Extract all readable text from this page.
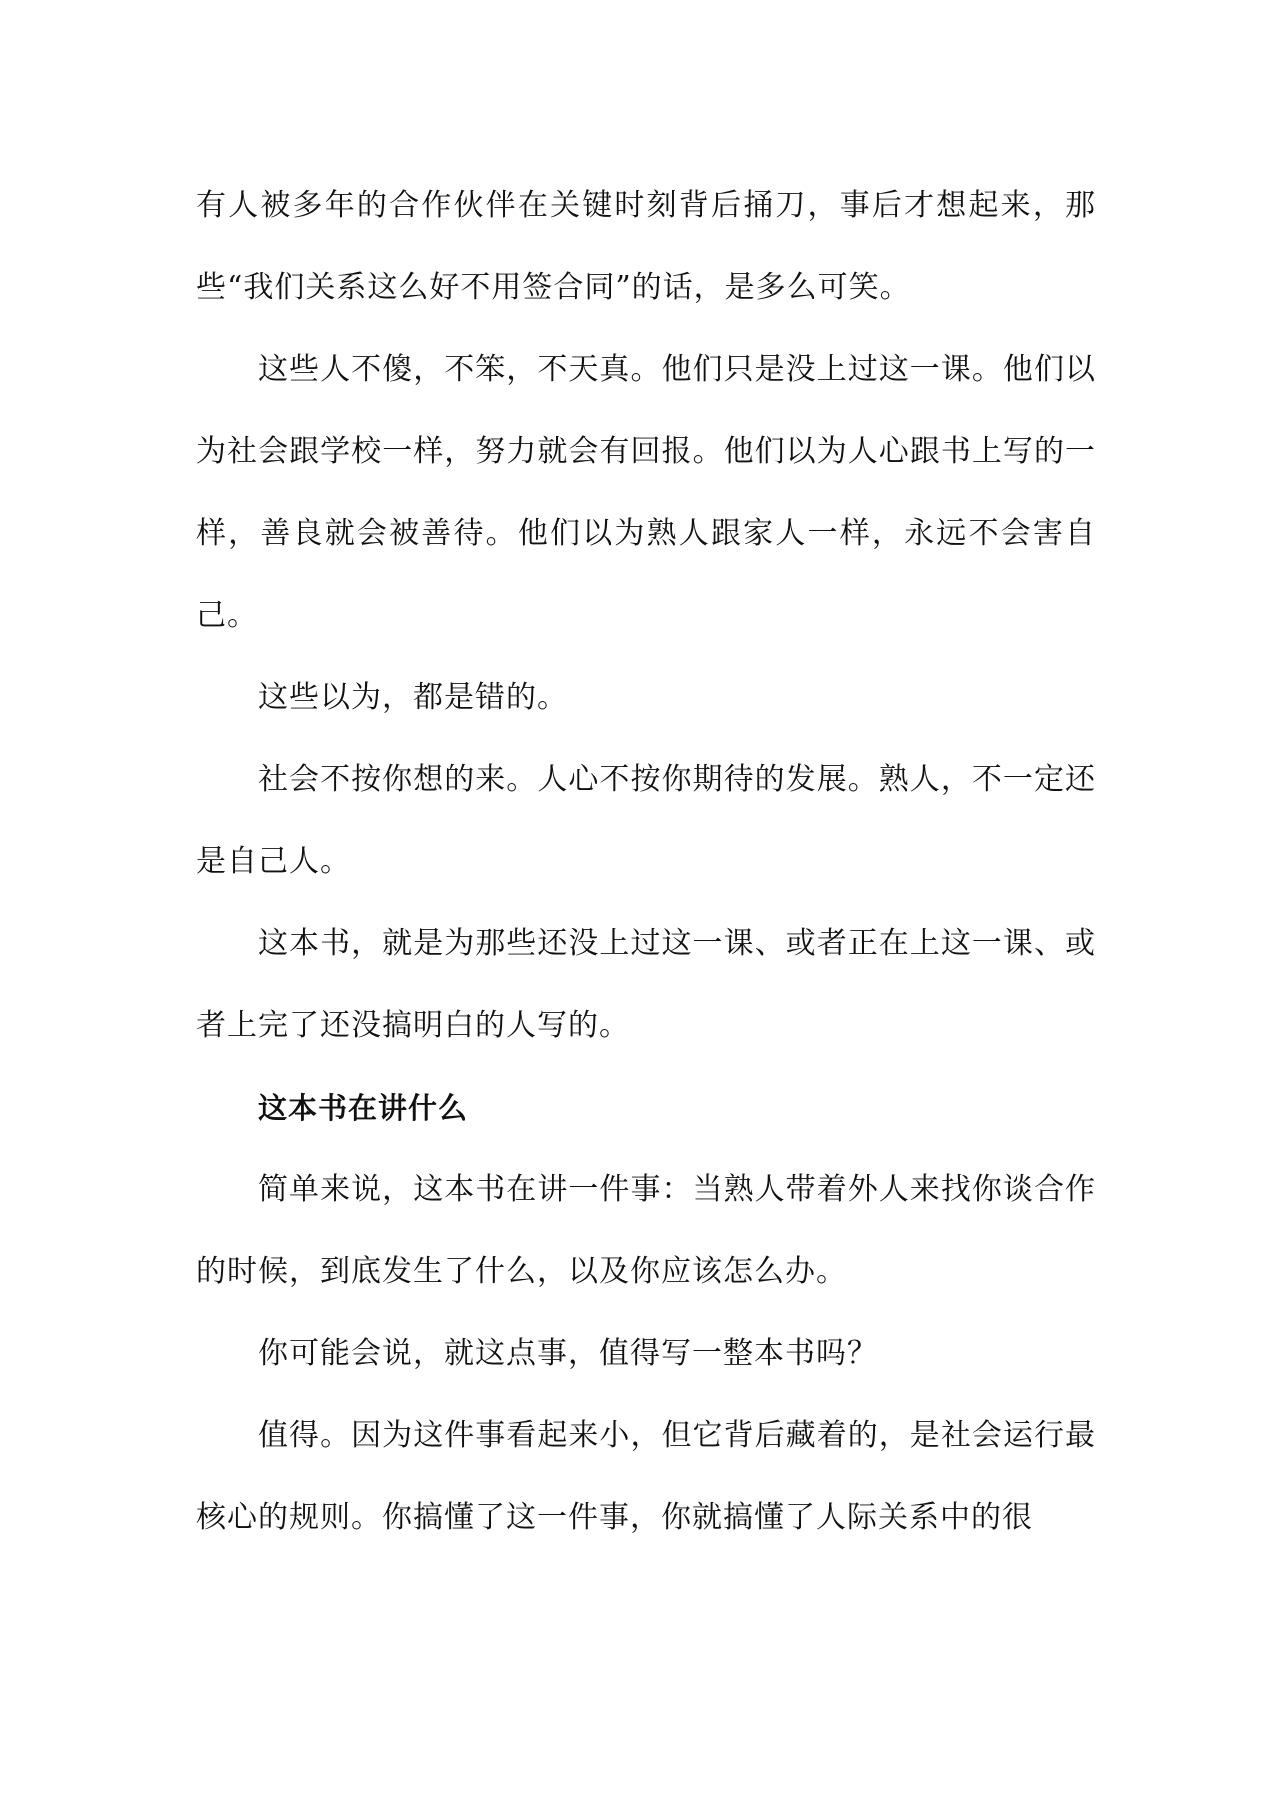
有人被多年的合作伙伴在关键时刻背后捅刀，事后才想起来，那些“我们关系这么好不用签合同”的话，是多么可笑。

这些人不傻，不笨，不天真。他们只是没上过这一课。他们以为社会跟学校一样，努力就会有回报。他们以为人心跟书上写的一样，善良就会被善待。他们以为熟人跟家人一样，永远不会害自己。

这些以为，都是错的。

社会不按你想的来。人心不按你期待的发展。熟人，不一定还是自己人。

这本书，就是为那些还没上过这一课、或者正在上这一课、或者上完了还没搞明白的人写的。

这本书在讲什么

简单来说，这本书在讲一件事：当熟人带着外人来找你谈合作的时候，到底发生了什么，以及你应该怎么办。

你可能会说，就这点事，值得写一整本书吗？

值得。因为这件事看起来小，但它背后藏着的，是社会运行最核心的规则。你搞懂了这一件事，你就搞懂了人际关系中的很
